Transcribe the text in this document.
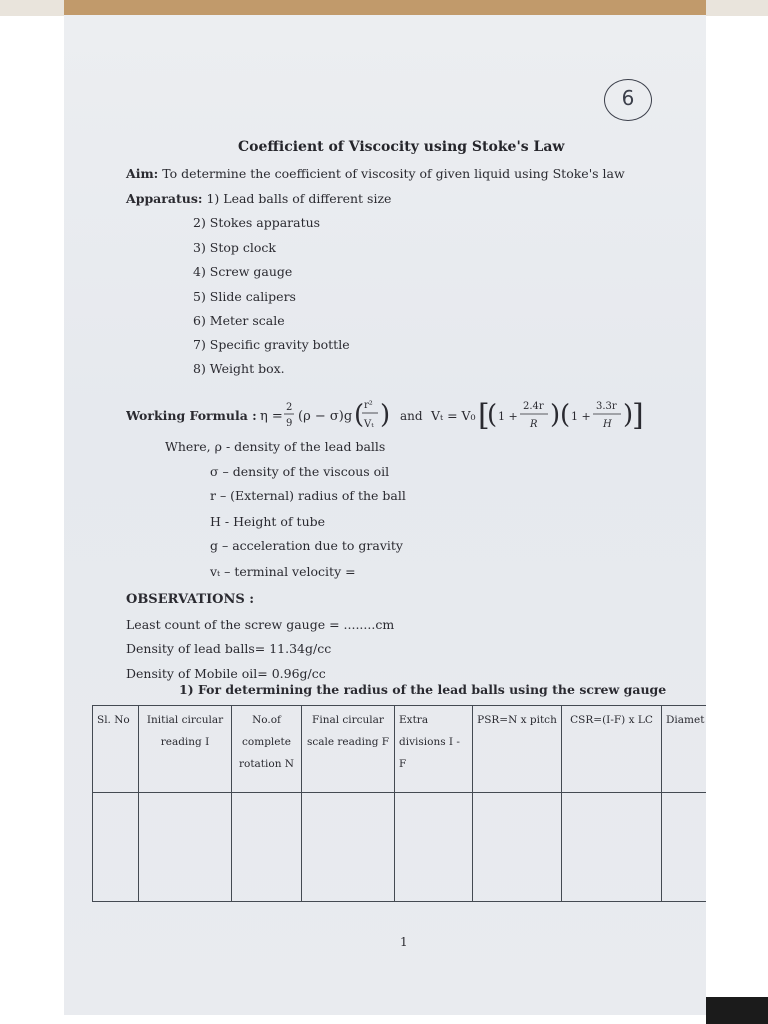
6
Coefficient of Viscocity using Stoke's Law
Aim: To determine the coefficient of viscosity of given liquid using Stoke's law
Apparatus: 1) Lead balls of different size
2) Stokes apparatus
3) Stop clock
4) Screw gauge
5) Slide calipers
6) Meter scale
7) Specific gravity bottle
8) Weight box.
Working Formula : η =
2
9 (ρ − σ)g ( r²
Vₜ ) and Vₜ = V₀ [
( 1 +
2.4r
R ) ( 1 +
3.3r
H )
]
Where, ρ - density of the lead balls
σ – density of the viscous oil
r – (External) radius of the ball
H - Height of tube
g – acceleration due to gravity
vₜ – terminal velocity =
OBSERVATIONS :
Least count of the screw gauge = ........cm
Density of lead balls= 11.34g/cc
Density of Mobile oil= 0.96g/cc
1) For determining the radius of the lead balls using the screw gauge
Sl. No	Initial circular reading I	No.of complete rotation N	Final circular scale reading F	Extra divisions I - F	PSR=N x pitch	CSR=(I-F) x LC	Diamet

1
